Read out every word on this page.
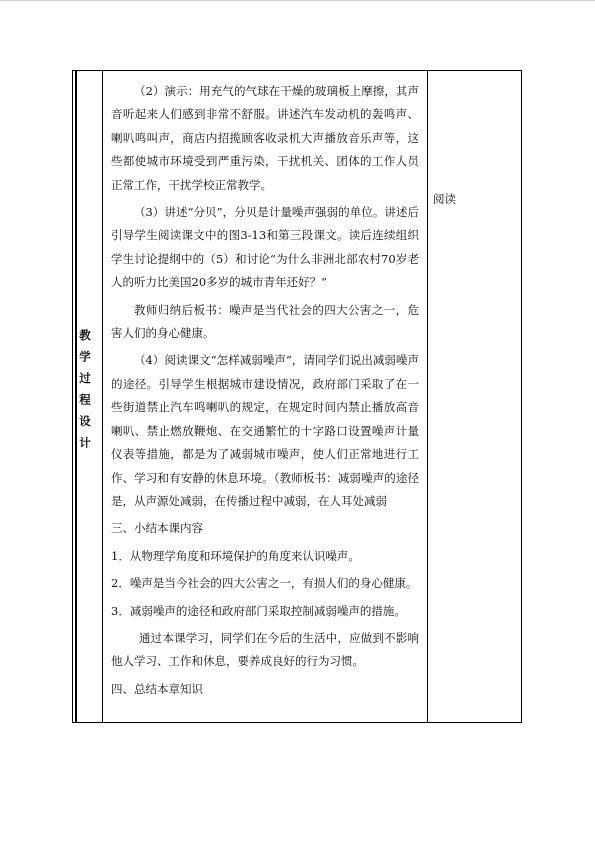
教学过程设计

（2）演示：用充气的气球在干燥的玻璃板上摩擦，其声音听起来人们感到非常不舒服。讲述汽车发动机的轰鸣声、喇叭鸣叫声，商店内招揽顾客收录机大声播放音乐声等，这些都使城市环境受到严重污染，干扰机关、团体的工作人员正常工作，干扰学校正常教学。

（3）讲述“分贝”，分贝是计量噪声强弱的单位。讲述后引导学生阅读课文中的图3-13和第三段课文。读后连续组织学生讨论提纲中的（5）和讨论“为什么非洲北部农村70岁老人的听力比美国20多岁的城市青年还好？”

教师归纳后板书：噪声是当代社会的四大公害之一，危害人们的身心健康。

（4）阅读课文“怎样减弱噪声”，请同学们说出减弱噪声的途径。引导学生根据城市建设情况，政府部门采取了在一些街道禁止汽车鸣喇叭的规定，在规定时间内禁止播放高音喇叭、禁止燃放鞭炮、在交通繁忙的十字路口设置噪声计量仪表等措施，都是为了减弱城市噪声，使人们正常地进行工作、学习和有安静的休息环境。（教师板书：减弱噪声的途径是，从声源处减弱，在传播过程中减弱，在人耳处减弱

三、小结本课内容

1．从物理学角度和环境保护的角度来认识噪声。

2．噪声是当今社会的四大公害之一，有损人们的身心健康。

3．减弱噪声的途径和政府部门采取控制减弱噪声的措施。

通过本课学习，同学们在今后的生活中，应做到不影响他人学习、工作和休息，要养成良好的行为习惯。

四、总结本章知识

阅读
